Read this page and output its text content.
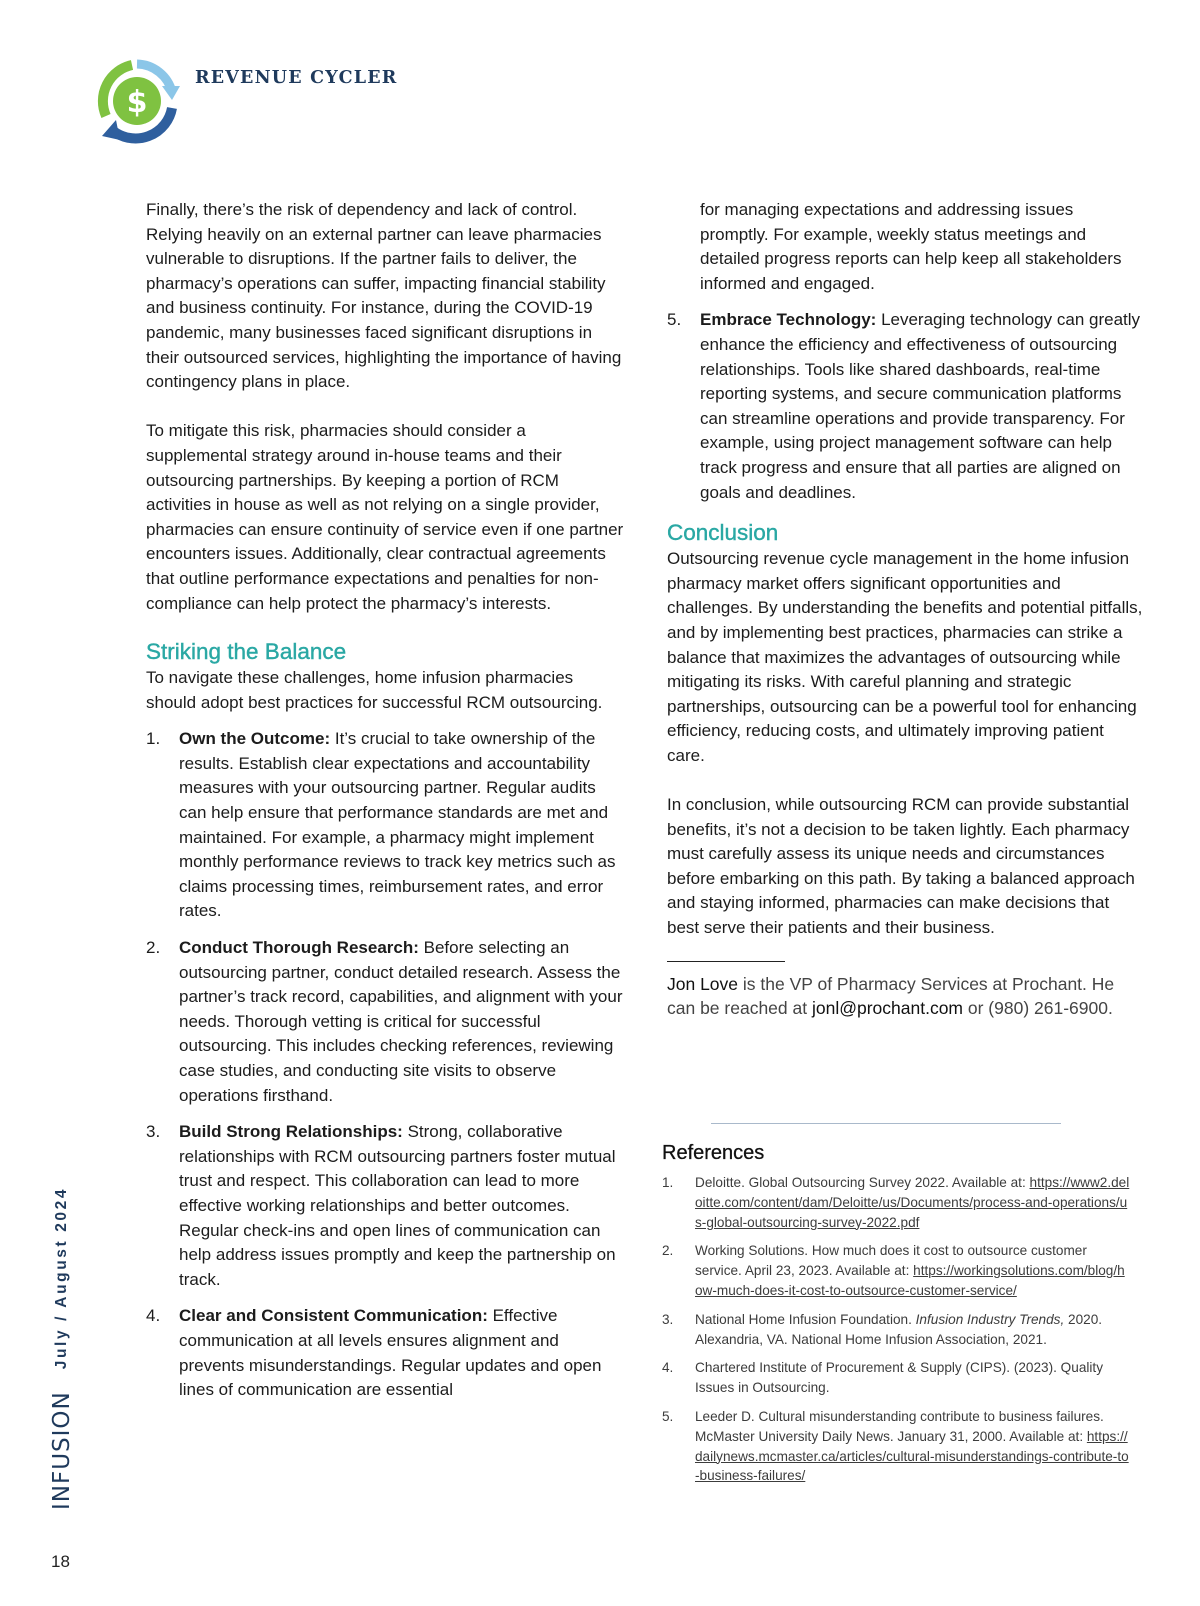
$
REVENUE CYCLER

Finally, there’s the risk of dependency and lack of control. Relying heavily on an external partner can leave pharmacies vulnerable to disruptions. If the partner fails to deliver, the pharmacy’s operations can suffer, impacting financial stability and business continuity. For instance, during the COVID-19 pandemic, many businesses faced significant disruptions in their outsourced services, highlighting the importance of having contingency plans in place.

To mitigate this risk, pharmacies should consider a supplemental strategy around in-house teams and their outsourcing partnerships. By keeping a portion of RCM activities in house as well as not relying on a single provider, pharmacies can ensure continuity of service even if one partner encounters issues. Additionally, clear contractual agreements that outline performance expectations and penalties for non-compliance can help protect the pharmacy’s interests.

Striking the Balance

To navigate these challenges, home infusion pharmacies should adopt best practices for successful RCM outsourcing.

1. Own the Outcome: It’s crucial to take ownership of the results. Establish clear expectations and accountability measures with your outsourcing partner. Regular audits can help ensure that performance standards are met and maintained. For example, a pharmacy might implement monthly performance reviews to track key metrics such as claims processing times, reimbursement rates, and error rates.
2. Conduct Thorough Research: Before selecting an outsourcing partner, conduct detailed research. Assess the partner’s track record, capabilities, and alignment with your needs. Thorough vetting is critical for successful outsourcing. This includes checking references, reviewing case studies, and conducting site visits to observe operations firsthand.
3. Build Strong Relationships: Strong, collaborative relationships with RCM outsourcing partners foster mutual trust and respect. This collaboration can lead to more effective working relationships and better outcomes. Regular check-ins and open lines of communication can help address issues promptly and keep the partnership on track.
4. Clear and Consistent Communication: Effective communication at all levels ensures alignment and prevents misunderstandings. Regular updates and open lines of communication are essential

for managing expectations and addressing issues promptly. For example, weekly status meetings and detailed progress reports can help keep all stakeholders informed and engaged.

5. Embrace Technology: Leveraging technology can greatly enhance the efficiency and effectiveness of outsourcing relationships. Tools like shared dashboards, real-time reporting systems, and secure communication platforms can streamline operations and provide transparency. For example, using project management software can help track progress and ensure that all parties are aligned on goals and deadlines.
Conclusion

Outsourcing revenue cycle management in the home infusion pharmacy market offers significant opportunities and challenges. By understanding the benefits and potential pitfalls, and by implementing best practices, pharmacies can strike a balance that maximizes the advantages of outsourcing while mitigating its risks. With careful planning and strategic partnerships, outsourcing can be a powerful tool for enhancing efficiency, reducing costs, and ultimately improving patient care.

In conclusion, while outsourcing RCM can provide substantial benefits, it’s not a decision to be taken lightly. Each pharmacy must carefully assess its unique needs and circumstances before embarking on this path. By taking a balanced approach and staying informed, pharmacies can make decisions that best serve their patients and their business.

Jon Love is the VP of Pharmacy Services at Prochant. He can be reached at jonl@prochant.com or (980) 261-6900.

References
1. Deloitte. Global Outsourcing Survey 2022. Available at: https://www2.deloitte.com/content/dam/Deloitte/us/Documents/process-and-operations/us-global-outsourcing-survey-2022.pdf
2. Working Solutions. How much does it cost to outsource customer service. April 23, 2023. Available at: https://workingsolutions.com/blog/how-much-does-it-cost-to-outsource-customer-service/
3. National Home Infusion Foundation. Infusion Industry Trends, 2020. Alexandria, VA. National Home Infusion Association, 2021.
4. Chartered Institute of Procurement & Supply (CIPS). (2023). Quality Issues in Outsourcing.
5. Leeder D. Cultural misunderstanding contribute to business failures. McMaster University Daily News. January 31, 2000. Available at: https://dailynews.mcmaster.ca/articles/cultural-misunderstandings-contribute-to-business-failures/
INFUSION
July / August 2024
18
